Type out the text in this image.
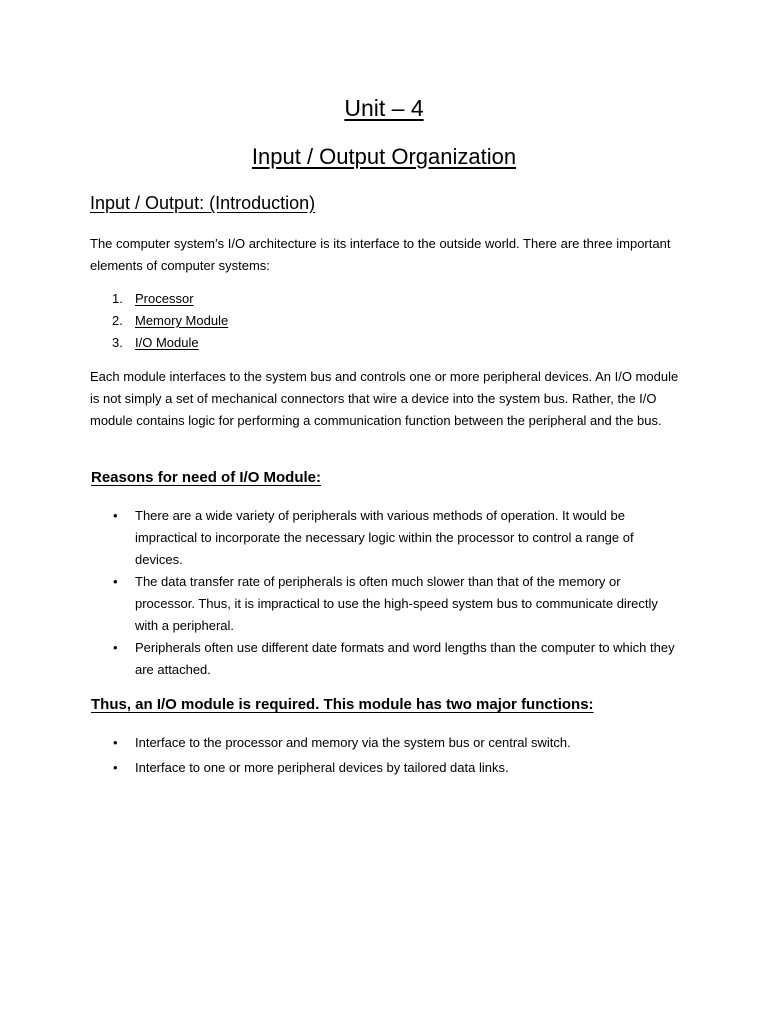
Unit – 4
Input / Output Organization
Input / Output: (Introduction)

The computer system’s I/O architecture is its interface to the outside world. There are three important elements of computer systems:

1. Processor
2. Memory Module
3. I/O Module

Each module interfaces to the system bus and controls one or more peripheral devices. An I/O module is not simply a set of mechanical connectors that wire a device into the system bus. Rather, the I/O module contains logic for performing a communication function between the peripheral and the bus.

Reasons for need of I/O Module:

• There are a wide variety of peripherals with various methods of operation. It would be impractical to incorporate the necessary logic within the processor to control a range of devices.
• The data transfer rate of peripherals is often much slower than that of the memory or processor. Thus, it is impractical to use the high-speed system bus to communicate directly with a peripheral.
• Peripherals often use different date formats and word lengths than the computer to which they are attached.

Thus, an I/O module is required. This module has two major functions:

• Interface to the processor and memory via the system bus or central switch.
• Interface to one or more peripheral devices by tailored data links.
